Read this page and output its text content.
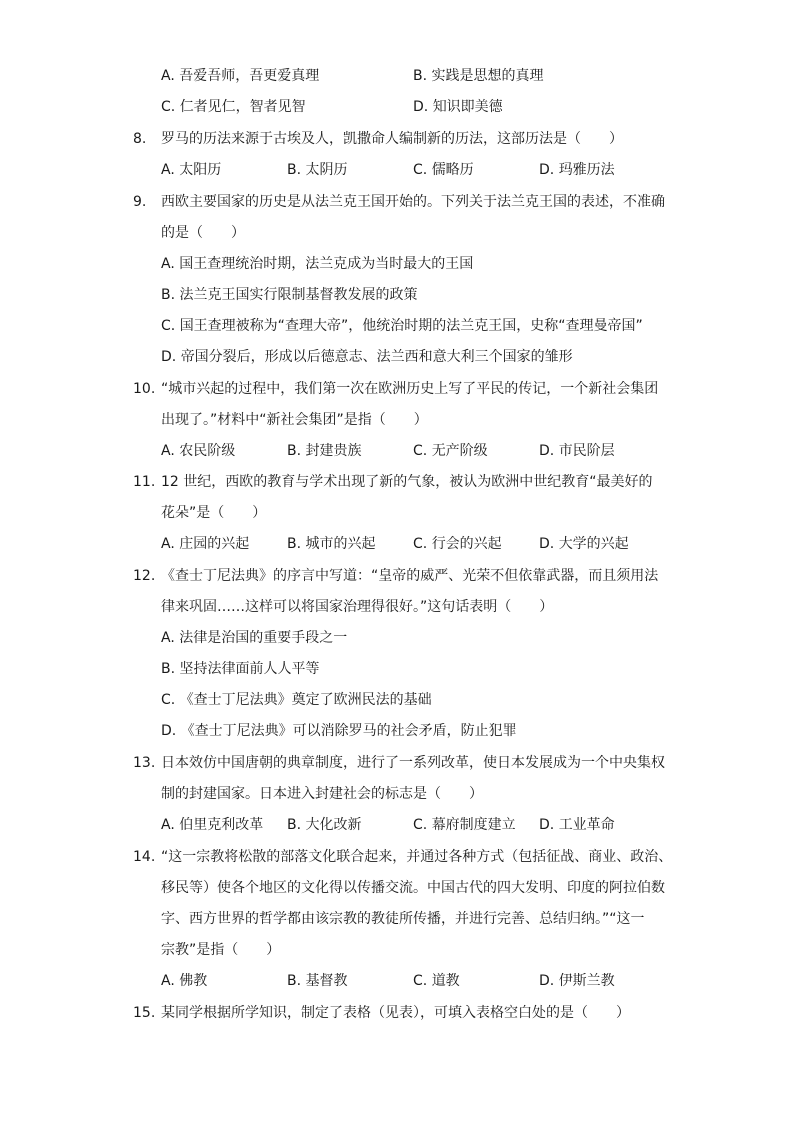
A. 吾爱吾师，吾更爱真理	B. 实践是思想的真理
C. 仁者见仁，智者见智	D. 知识即美德
8. 罗马的历法来源于古埃及人，凯撒命人编制新的历法，这部历法是（　　）
A. 太阳历	B. 太阴历	C. 儒略历	D. 玛雅历法
9. 西欧主要国家的历史是从法兰克王国开始的。下列关于法兰克王国的表述，不准确
的是（　　）
A. 国王查理统治时期，法兰克成为当时最大的王国
B. 法兰克王国实行限制基督教发展的政策
C. 国王查理被称为“查理大帝”，他统治时期的法兰克王国，史称“查理曼帝国”
D. 帝国分裂后，形成以后德意志、法兰西和意大利三个国家的雏形
10. “城市兴起的过程中，我们第一次在欧洲历史上写了平民的传记，一个新社会集团
出现了。”材料中“新社会集团”是指（　　）
A. 农民阶级	B. 封建贵族	C. 无产阶级	D. 市民阶层
11. 12 世纪，西欧的教育与学术出现了新的气象，被认为欧洲中世纪教育“最美好的
花朵”是（　　）
A. 庄园的兴起	B. 城市的兴起	C. 行会的兴起	D. 大学的兴起
12. 《查士丁尼法典》的序言中写道：“皇帝的威严、光荣不但依靠武器，而且须用法
律来巩固……这样可以将国家治理得很好。”这句话表明（　　）
A. 法律是治国的重要手段之一
B. 坚持法律面前人人平等
C. 《查士丁尼法典》奠定了欧洲民法的基础
D. 《查士丁尼法典》可以消除罗马的社会矛盾，防止犯罪
13. 日本效仿中国唐朝的典章制度，进行了一系列改革，使日本发展成为一个中央集权
制的封建国家。日本进入封建社会的标志是（　　）
A. 伯里克利改革 B. 大化改新	C. 幕府制度建立 D. 工业革命
14. “这一宗教将松散的部落文化联合起来，并通过各种方式（包括征战、商业、政治、
移民等）使各个地区的文化得以传播交流。中国古代的四大发明、印度的阿拉伯数
字、西方世界的哲学都由该宗教的教徒所传播，并进行完善、总结归纳。”“这一
宗教”是指（　　）
A. 佛教	B. 基督教	C. 道教	D. 伊斯兰教
15. 某同学根据所学知识，制定了表格（见表），可填入表格空白处的是（　　）
